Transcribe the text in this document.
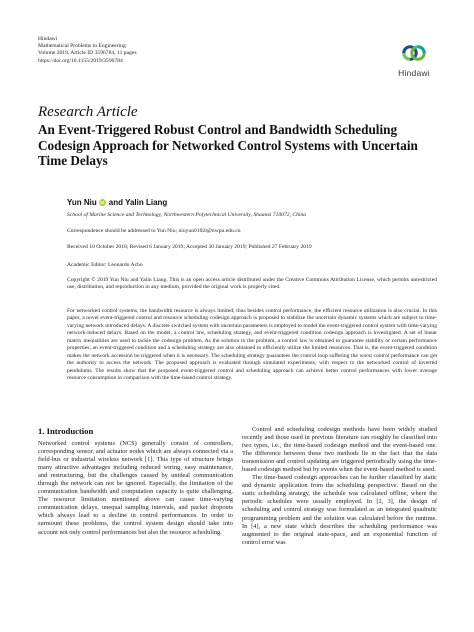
Hindawi
Mathematical Problems in Engineering
Volume 2019, Article ID 3596784, 11 pages
https://doi.org/10.1155/2019/3596784
Hindawi
Research Article
An Event-Triggered Robust Control and Bandwidth Scheduling Codesign Approach for Networked Control Systems with Uncertain Time Delays
Yun Niu iD and Yalin Liang
School of Marine Science and Technology, Northwestern Polytechnical University, Shaanxi 710072, China
Correspondence should be addressed to Yun Niu; niuyun0102l@nwpu.edu.cn
Received 10 October 2018; Revised 6 January 2019; Accepted 30 January 2019; Published 27 February 2019
Academic Editor: Leonardo Acho
Copyright © 2019 Yun Niu and Yalin Liang. This is an open access article distributed under the Creative Commons Attribution License, which permits unrestricted use, distribution, and reproduction in any medium, provided the original work is properly cited.

For networked control systems, the bandwidth resource is always limited; thus besides control performance, the efficient resource utilization is also crucial. In this paper, a novel event-triggered control and resource scheduling codesign approach is proposed to stabilize the uncertain dynamic systems which are subject to time-varying network introduced delays. A discrete switched system with uncertain parameters is employed to model the event-triggered control system with time-varying network-induced delays. Based on the model, a control law, scheduling strategy, and event-triggered condition codesign approach is investigated. A set of linear matrix inequalities are used to tackle the codesign problem. As the solution to the problem, a control law is obtained to guarantee stability or certain performance properties; an event-triggered condition and a scheduling strategy are also obtained to efficiently utilize the limited resources. That is, the event-triggered condition makes the network accession be triggered when it is necessary. The scheduling strategy guarantees the control loop suffering the worst control performance can get the authority to access the network. The proposed approach is evaluated through simulated experiments, with respect to the networked control of inverted pendulums. The results show that the proposed event-triggered control and scheduling approach can achieve better control performances with lower average resource consumption in comparison with the time-based control strategy.

1. Introduction

Networked control systems (NCS) generally consist of controllers, corresponding sensor, and actuator nodes which are always connected via a field-bus or industrial wireless network [1]. This type of structure brings many attractive advantages including reduced wiring, easy maintenance, and restructuring, but the challenges caused by unideal communication through the network can not be ignored. Especially, the limitation of the communication bandwidth and computation capacity is quite challenging. The resource limitation mentioned above can cause time-varying communication delays, unequal sampling intervals, and packet dropouts which always lead to a decline in control performances. In order to surmount these problems, the control system design should take into account not only control performances but also the resource scheduling.

Control and scheduling codesign methods have been widely studied recently and those used in previous literature can roughly be classified into two types, i.e., the time-based codesign method and the event-based one. The difference between these two methods lie in the fact that the data transmission and control updating are triggered periodically using the time-based codesign method but by events when the event-based method is used.

The time-based codesign approaches can be further classified by static and dynamic application from the scheduling perspective. Based on the static scheduling strategy, the schedule was calculated offline, where the periodic schedules were usually employed. In [2, 3], the design of scheduling and control strategy was formulated as an integrated quadratic programming problem and the solution was calculated before the runtime. In [4], a new state which describes the scheduling performance was augmented to the original state-space, and an exponential function of control error was
